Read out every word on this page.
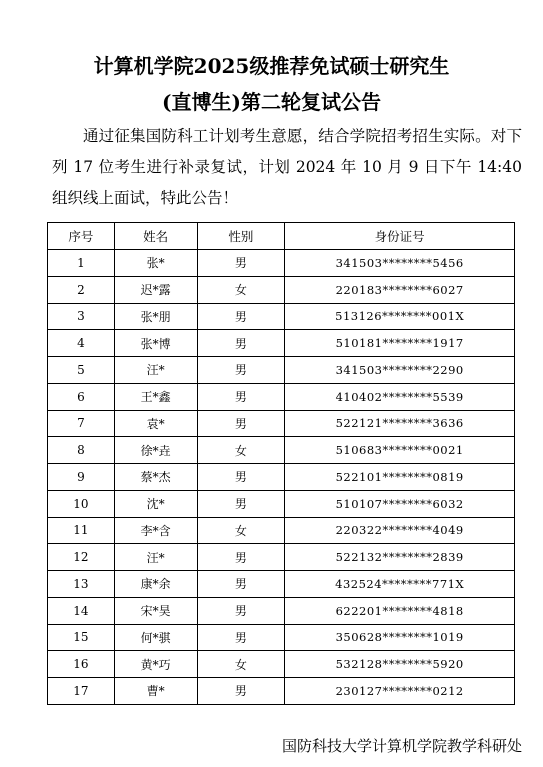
计算机学院2025级推荐免试硕士研究生
(直博生)第二轮复试公告

通过征集国防科工计划考生意愿，结合学院招考招生实际。对下列 17 位考生进行补录复试，计划 2024 年 10 月 9 日下午 14:40 组织线上面试，特此公告！

序号	姓名	性别	身份证号
1	张*	男	341503********5456
2	迟*露	女	220183********6027
3	张*朋	男	513126********001X
4	张*博	男	510181********1917
5	汪*	男	341503********2290
6	王*鑫	男	410402********5539
7	袁*	男	522121********3636
8	徐*垚	女	510683********0021
9	蔡*杰	男	522101********0819
10	沈*	男	510107********6032
11	李*含	女	220322********4049
12	汪*	男	522132********2839
13	康*余	男	432524********771X
14	宋*昊	男	622201********4818
15	何*骐	男	350628********1019
16	黄*巧	女	532128********5920
17	曹*	男	230127********0212
国防科技大学计算机学院教学科研处
